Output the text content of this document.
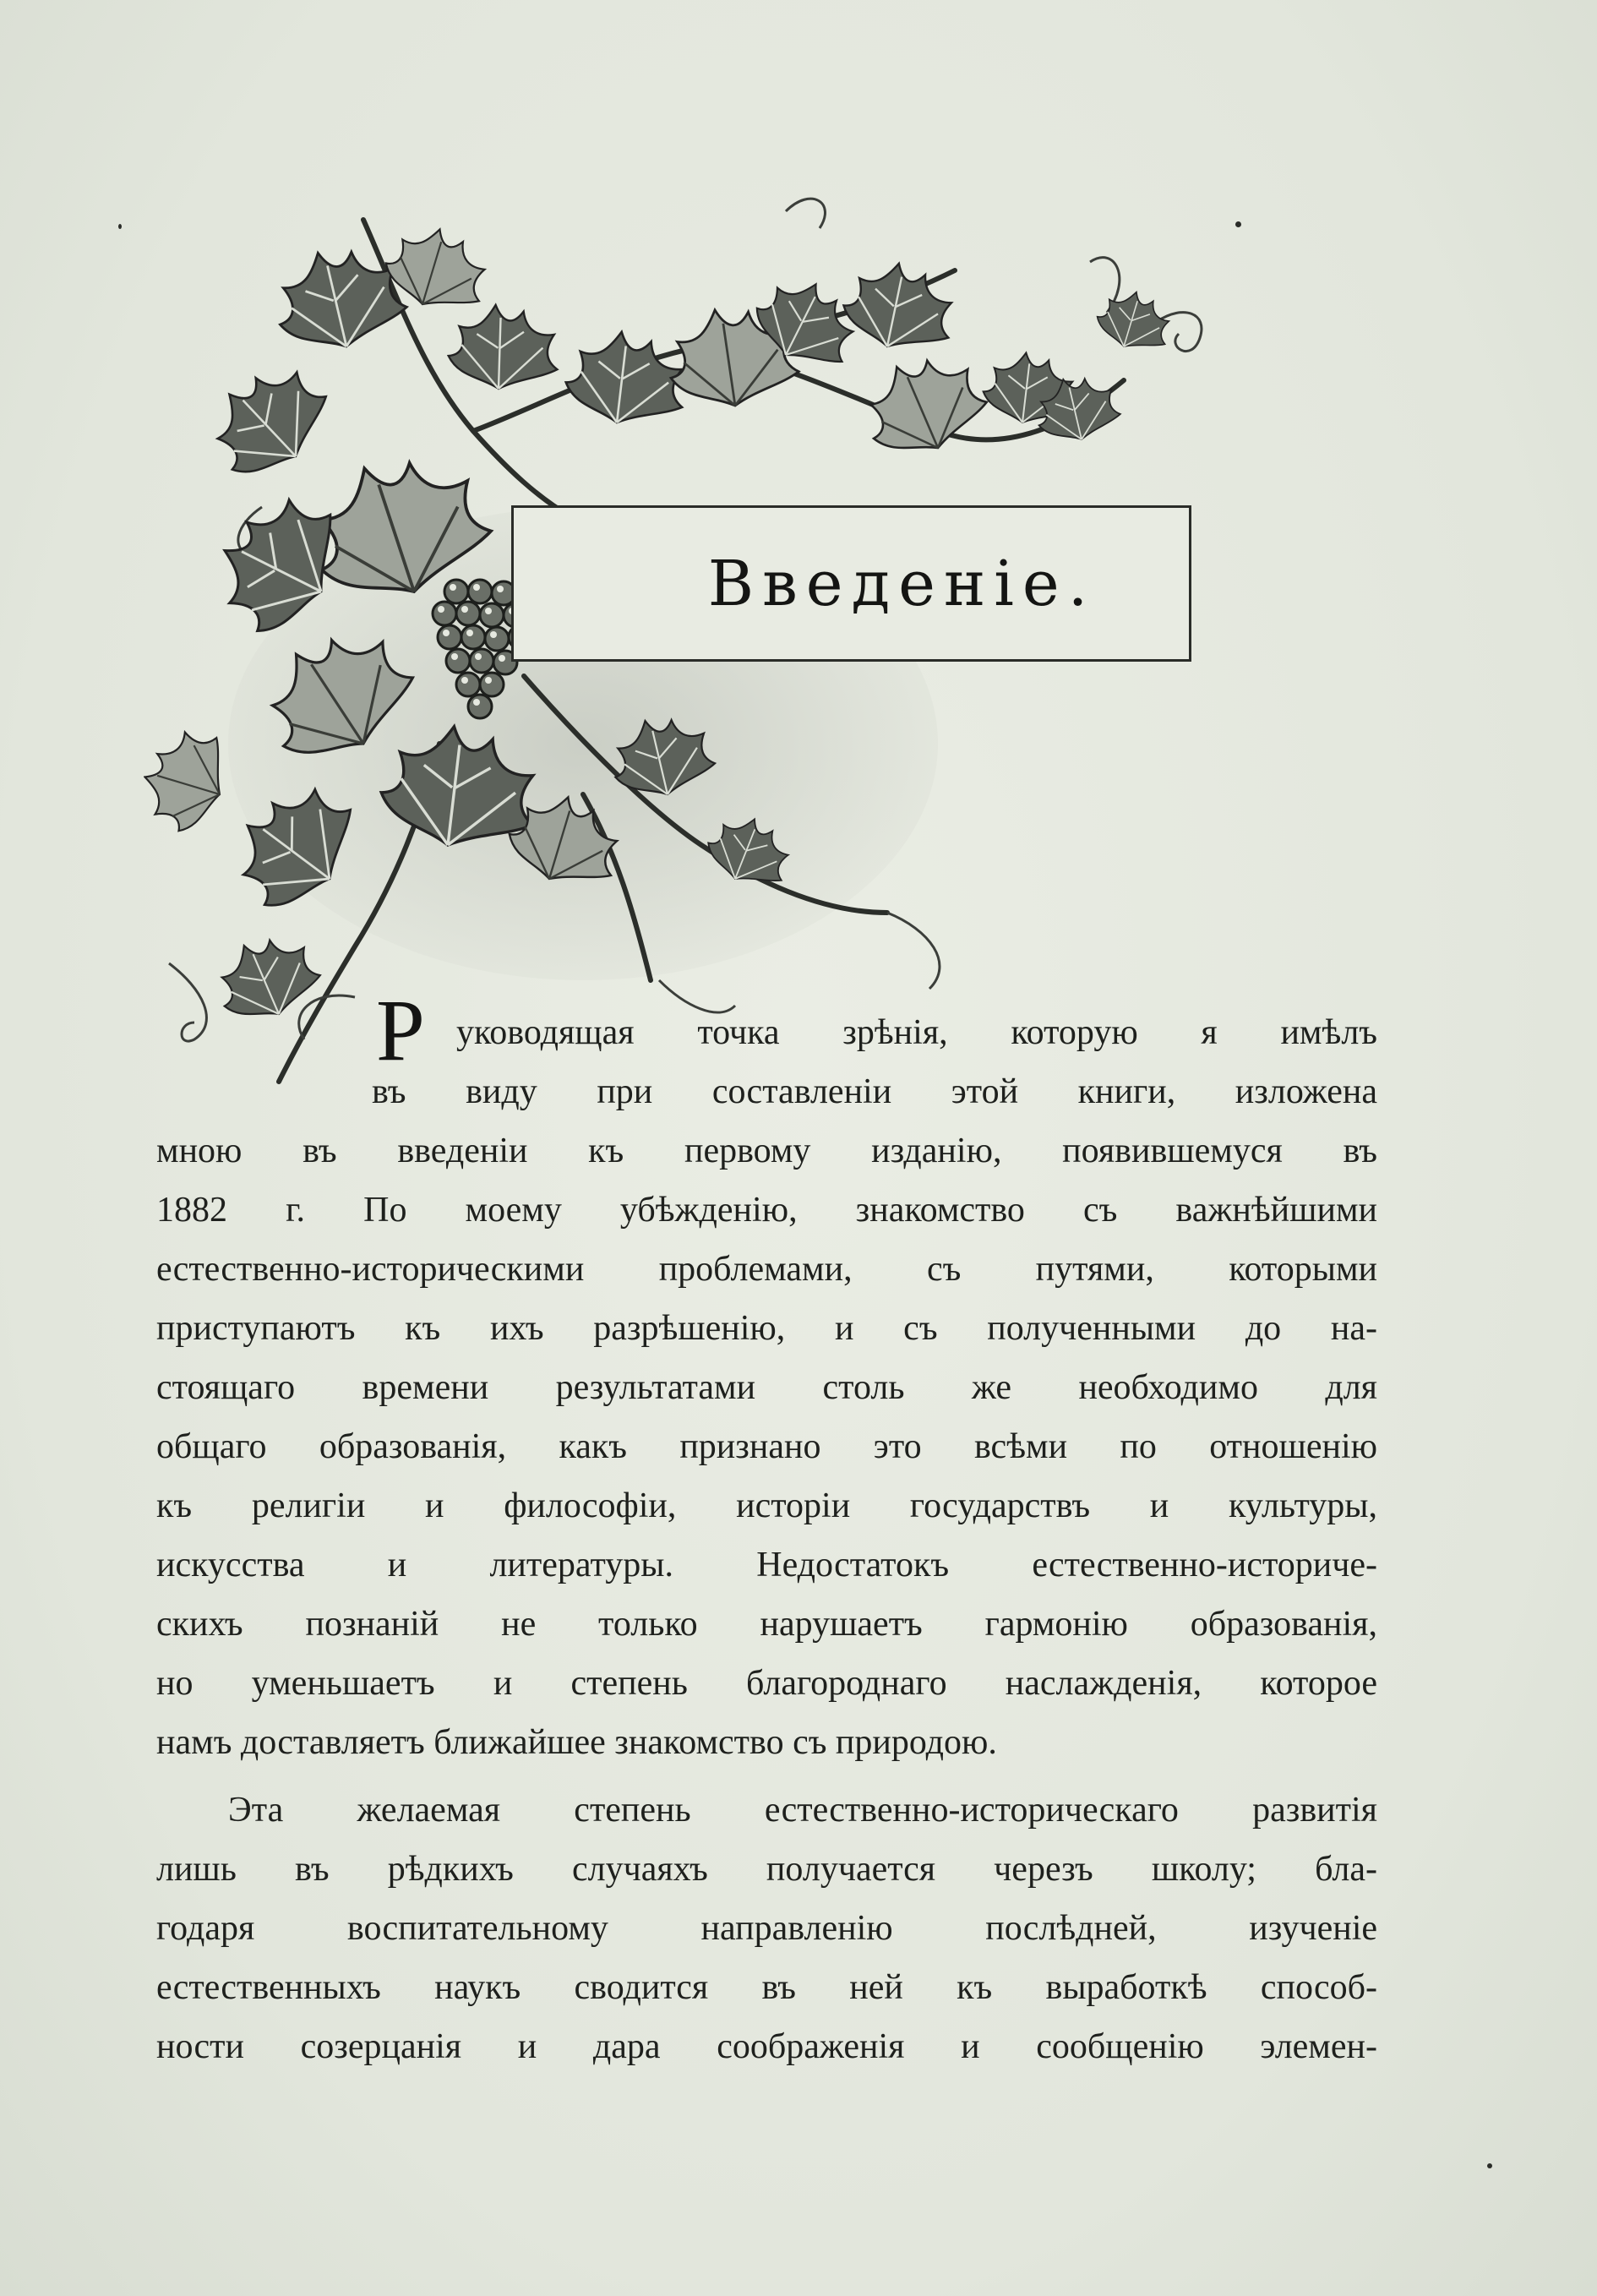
Введеніе.
Р уководящая точка зрѣнія, которую я имѣлъ
въ виду при составленіи этой книги, изложена
мною въ введеніи къ первому изданію, появившемуся въ
1882 г. По моему убѣжденію, знакомство съ важнѣйшими
естественно-историческими проблемами, съ путями, которыми
приступаютъ къ ихъ разрѣшенію, и съ полученными до на-
стоящаго времени результатами столь же необходимо для
общаго образованія, какъ признано это всѣми по отношенію
къ религіи и философіи, исторіи государствъ и культуры,
искусства и литературы. Недостатокъ естественно-историче-
скихъ познаній не только нарушаетъ гармонію образованія,
но уменьшаетъ и степень благороднаго наслажденія, которое
намъ доставляетъ ближайшее знакомство съ природою.
Эта желаемая степень естественно-историческаго развитія
лишь въ рѣдкихъ случаяхъ получается черезъ школу; бла-
годаря воспитательному направленію послѣдней, изученіе
естественныхъ наукъ сводится въ ней къ выработкѣ способ-
ности созерцанія и дара соображенія и сообщенію элемен-
